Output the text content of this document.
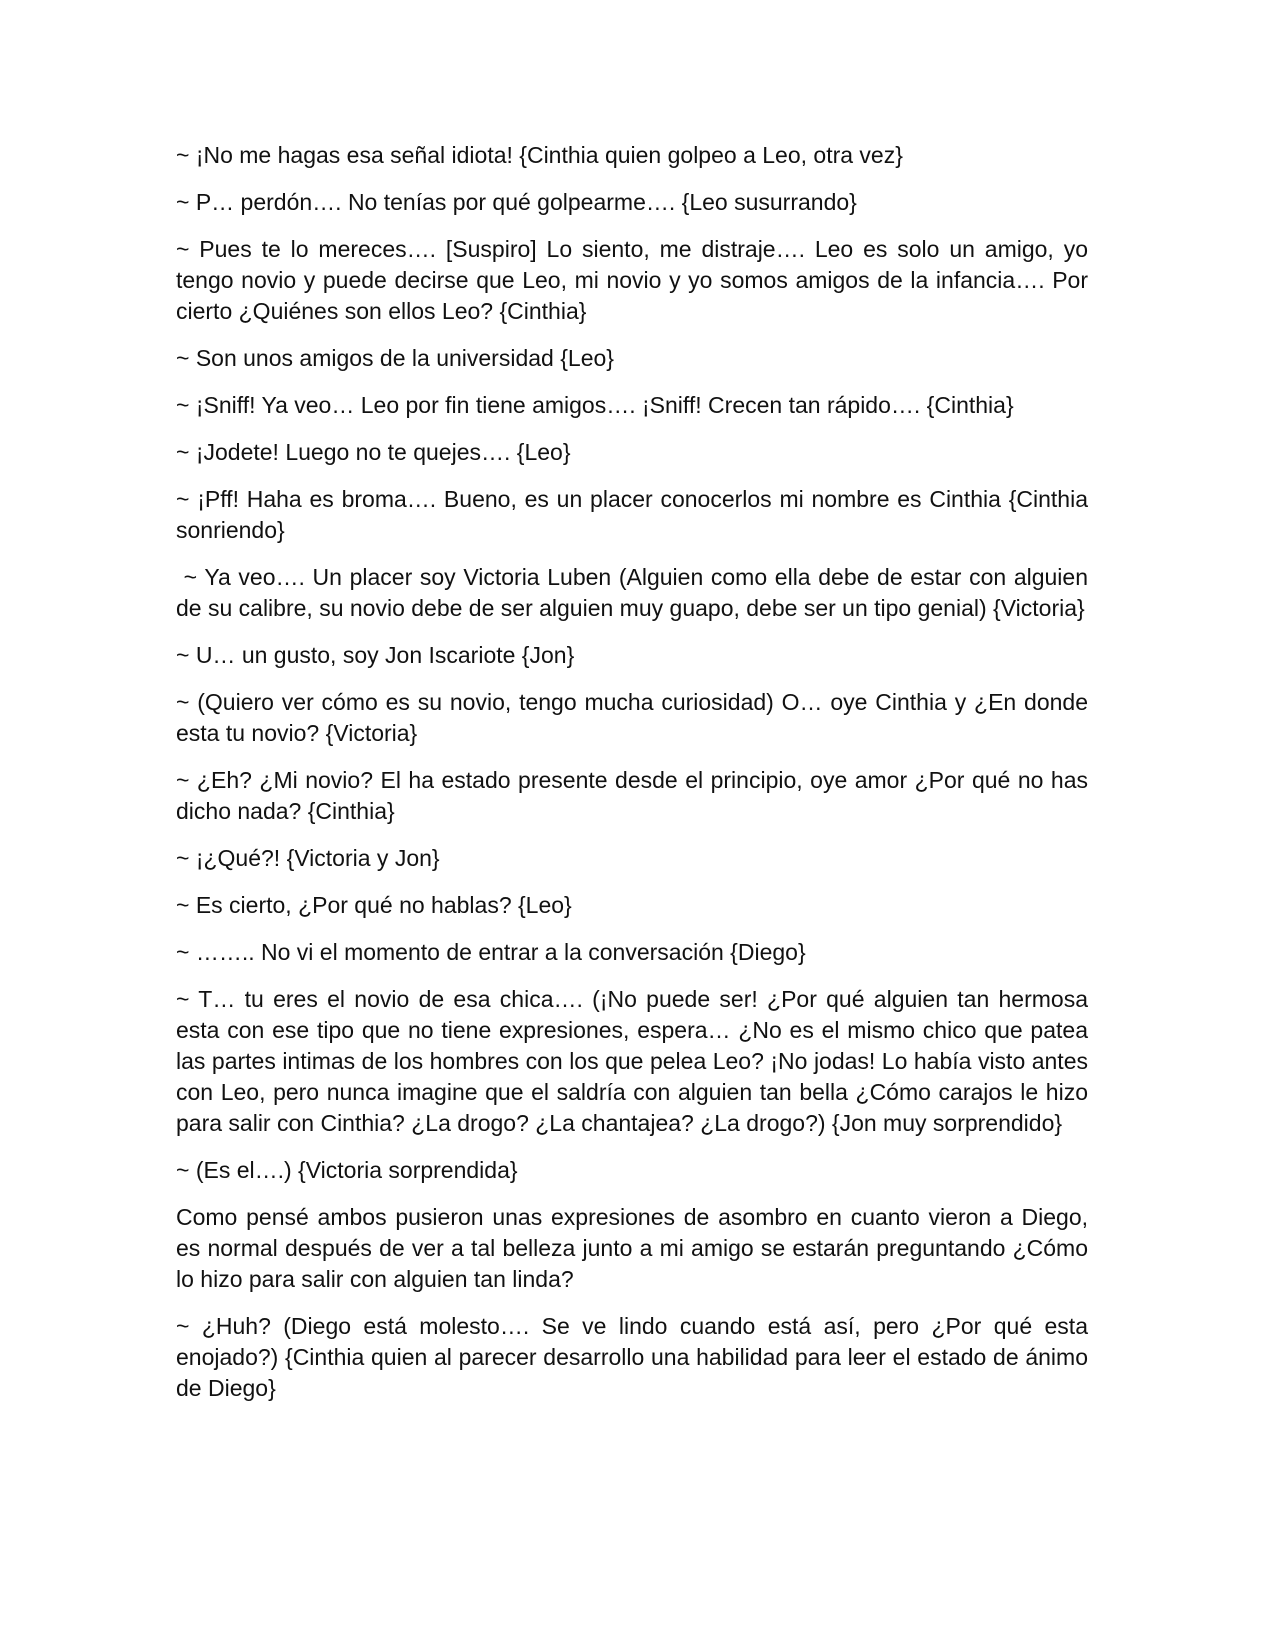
~ ¡No me hagas esa señal idiota! {Cinthia quien golpeo a Leo, otra vez}

~ P… perdón…. No tenías por qué golpearme…. {Leo susurrando}

~ Pues te lo mereces…. [Suspiro] Lo siento, me distraje…. Leo es solo un amigo, yo tengo novio y puede decirse que Leo, mi novio y yo somos amigos de la infancia…. Por cierto ¿Quiénes son ellos Leo? {Cinthia}

~ Son unos amigos de la universidad {Leo}

~ ¡Sniff! Ya veo… Leo por fin tiene amigos…. ¡Sniff! Crecen tan rápido…. {Cinthia}

~ ¡Jodete! Luego no te quejes…. {Leo}

~ ¡Pff! Haha es broma…. Bueno, es un placer conocerlos mi nombre es Cinthia {Cinthia sonriendo}

~ Ya veo…. Un placer soy Victoria Luben (Alguien como ella debe de estar con alguien de su calibre, su novio debe de ser alguien muy guapo, debe ser un tipo genial) {Victoria}

~ U… un gusto, soy Jon Iscariote {Jon}

~ (Quiero ver cómo es su novio, tengo mucha curiosidad) O… oye Cinthia y ¿En donde esta tu novio? {Victoria}

~ ¿Eh? ¿Mi novio? El ha estado presente desde el principio, oye amor ¿Por qué no has dicho nada? {Cinthia}

~ ¡¿Qué?! {Victoria y Jon}

~ Es cierto, ¿Por qué no hablas? {Leo}

~ …….. No vi el momento de entrar a la conversación {Diego}

~ T… tu eres el novio de esa chica…. (¡No puede ser! ¿Por qué alguien tan hermosa esta con ese tipo que no tiene expresiones, espera… ¿No es el mismo chico que patea las partes intimas de los hombres con los que pelea Leo? ¡No jodas! Lo había visto antes con Leo, pero nunca imagine que el saldría con alguien tan bella ¿Cómo carajos le hizo para salir con Cinthia? ¿La drogo? ¿La chantajea? ¿La drogo?) {Jon muy sorprendido}

~ (Es el….) {Victoria sorprendida}

Como pensé ambos pusieron unas expresiones de asombro en cuanto vieron a Diego, es normal después de ver a tal belleza junto a mi amigo se estarán preguntando ¿Cómo lo hizo para salir con alguien tan linda?

~ ¿Huh? (Diego está molesto…. Se ve lindo cuando está así, pero ¿Por qué esta enojado?) {Cinthia quien al parecer desarrollo una habilidad para leer el estado de ánimo de Diego}
